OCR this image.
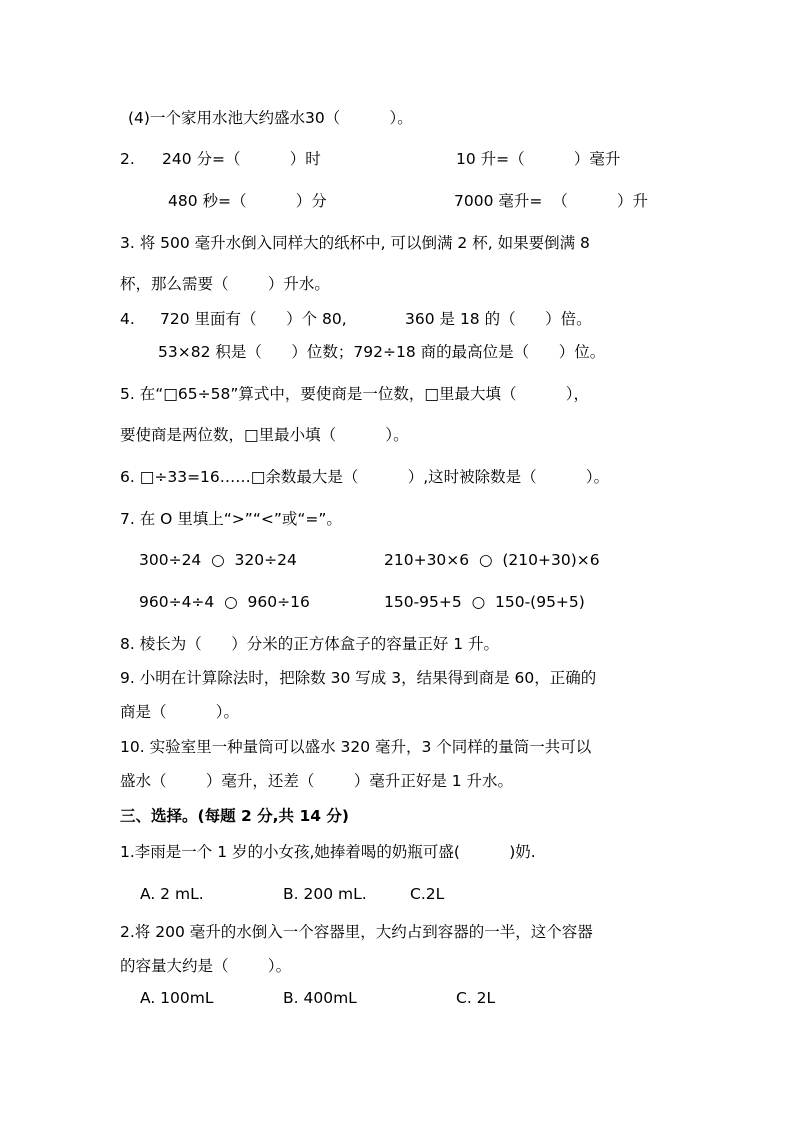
(4)一个家用水池大约盛水30（          ）。
2. 240 分=（          ）时	10 升=（          ）毫升
480 秒=（          ）分	7000 毫升=  （          ）升
3. 将 500 毫升水倒入同样大的纸杯中, 可以倒满 2 杯, 如果要倒满 8
杯，那么需要（        ）升水。
4. 720 里面有（      ）个 80,	360 是 18 的（      ）倍。
53×82 积是（      ）位数；792÷18 商的最高位是（      ）位。
5. 在“□65÷58”算式中，要使商是一位数，□里最大填（          ），
要使商是两位数，□里最小填（          ）。
6. □÷33=16……□余数最大是（          ）,这时被除数是（          ）。
7. 在 O 里填上“>”“<”或“=”。
300÷24  ○  320÷24	210+30×6  ○  (210+30)×6
960÷4÷4  ○  960÷16	150-95+5  ○  150-(95+5)
8. 棱长为（      ）分米的正方体盒子的容量正好 1 升。
9. 小明在计算除法时，把除数 30 写成 3，结果得到商是 60，正确的
商是（          ）。
10. 实验室里一种量筒可以盛水 320 毫升，3 个同样的量筒一共可以
盛水（        ）毫升，还差（        ）毫升正好是 1 升水。
三、选择。(每题 2 分,共 14 分)
1.李雨是一个 1 岁的小女孩,她捧着喝的奶瓶可盛(          )奶.
A. 2 mL.	B. 200 mL.	C.2L
2.将 200 毫升的水倒入一个容器里，大约占到容器的一半，这个容器
的容量大约是（        ）。
A. 100mL	B. 400mL	C. 2L
